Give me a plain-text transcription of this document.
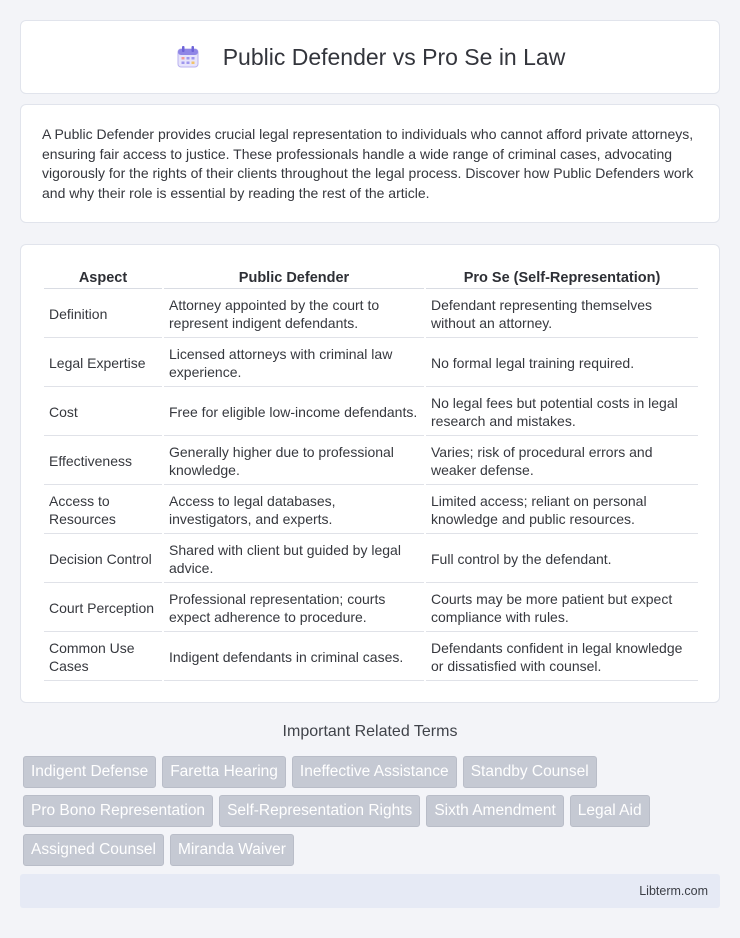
Public Defender vs Pro Se in Law

A Public Defender provides crucial legal representation to individuals who cannot afford private attorneys, ensuring fair access to justice. These professionals handle a wide range of criminal cases, advocating vigorously for the rights of their clients throughout the legal process. Discover how Public Defenders work and why their role is essential by reading the rest of the article.

Aspect	Public Defender	Pro Se (Self-Representation)
Definition	Attorney appointed by the court to represent indigent defendants.	Defendant representing themselves without an attorney.
Legal Expertise	Licensed attorneys with criminal law experience.	No formal legal training required.
Cost	Free for eligible low-income defendants.	No legal fees but potential costs in legal research and mistakes.
Effectiveness	Generally higher due to professional knowledge.	Varies; risk of procedural errors and weaker defense.
Access to Resources	Access to legal databases, investigators, and experts.	Limited access; reliant on personal knowledge and public resources.
Decision Control	Shared with client but guided by legal advice.	Full control by the defendant.
Court Perception	Professional representation; courts expect adherence to procedure.	Courts may be more patient but expect compliance with rules.
Common Use Cases	Indigent defendants in criminal cases.	Defendants confident in legal knowledge or dissatisfied with counsel.
Important Related Terms
Indigent Defense	Faretta Hearing	Ineffective Assistance	Standby Counsel
Pro Bono Representation	Self-Representation Rights	Sixth Amendment	Legal Aid
Assigned Counsel	Miranda Waiver
Libterm.com
